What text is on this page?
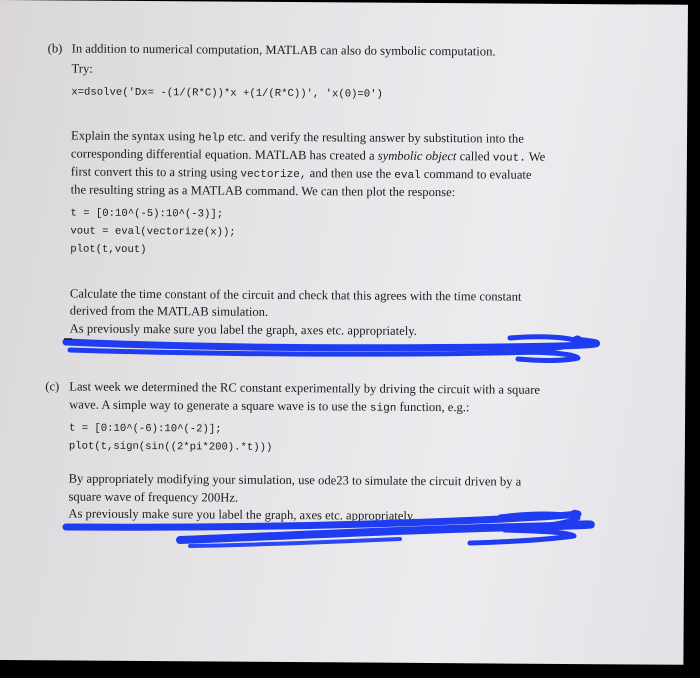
(b) In addition to numerical computation, MATLAB can also do symbolic computation.
Try:
x=dsolve('Dx= -(1/(R*C))*x +(1/(R*C))', 'x(0)=0')
Explain the syntax using help etc. and verify the resulting answer by substitution into the
corresponding differential equation. MATLAB has created a symbolic object called vout. We
first convert this to a string using vectorize, and then use the eval command to evaluate
the resulting string as a MATLAB command. We can then plot the response:
t = [0:10^(-5):10^(-3)];
vout = eval(vectorize(x));
plot(t,vout)
Calculate the time constant of the circuit and check that this agrees with the time constant
derived from the MATLAB simulation.
As previously make sure you label the graph, axes etc. appropriately.
(c) Last week we determined the RC constant experimentally by driving the circuit with a square
wave. A simple way to generate a square wave is to use the sign function, e.g.:
t = [0:10^(-6):10^(-2)];
plot(t,sign(sin((2*pi*200).*t)))
By appropriately modifying your simulation, use ode23 to simulate the circuit driven by a
square wave of frequency 200Hz.
As previously make sure you label the graph, axes etc. appropriately.
